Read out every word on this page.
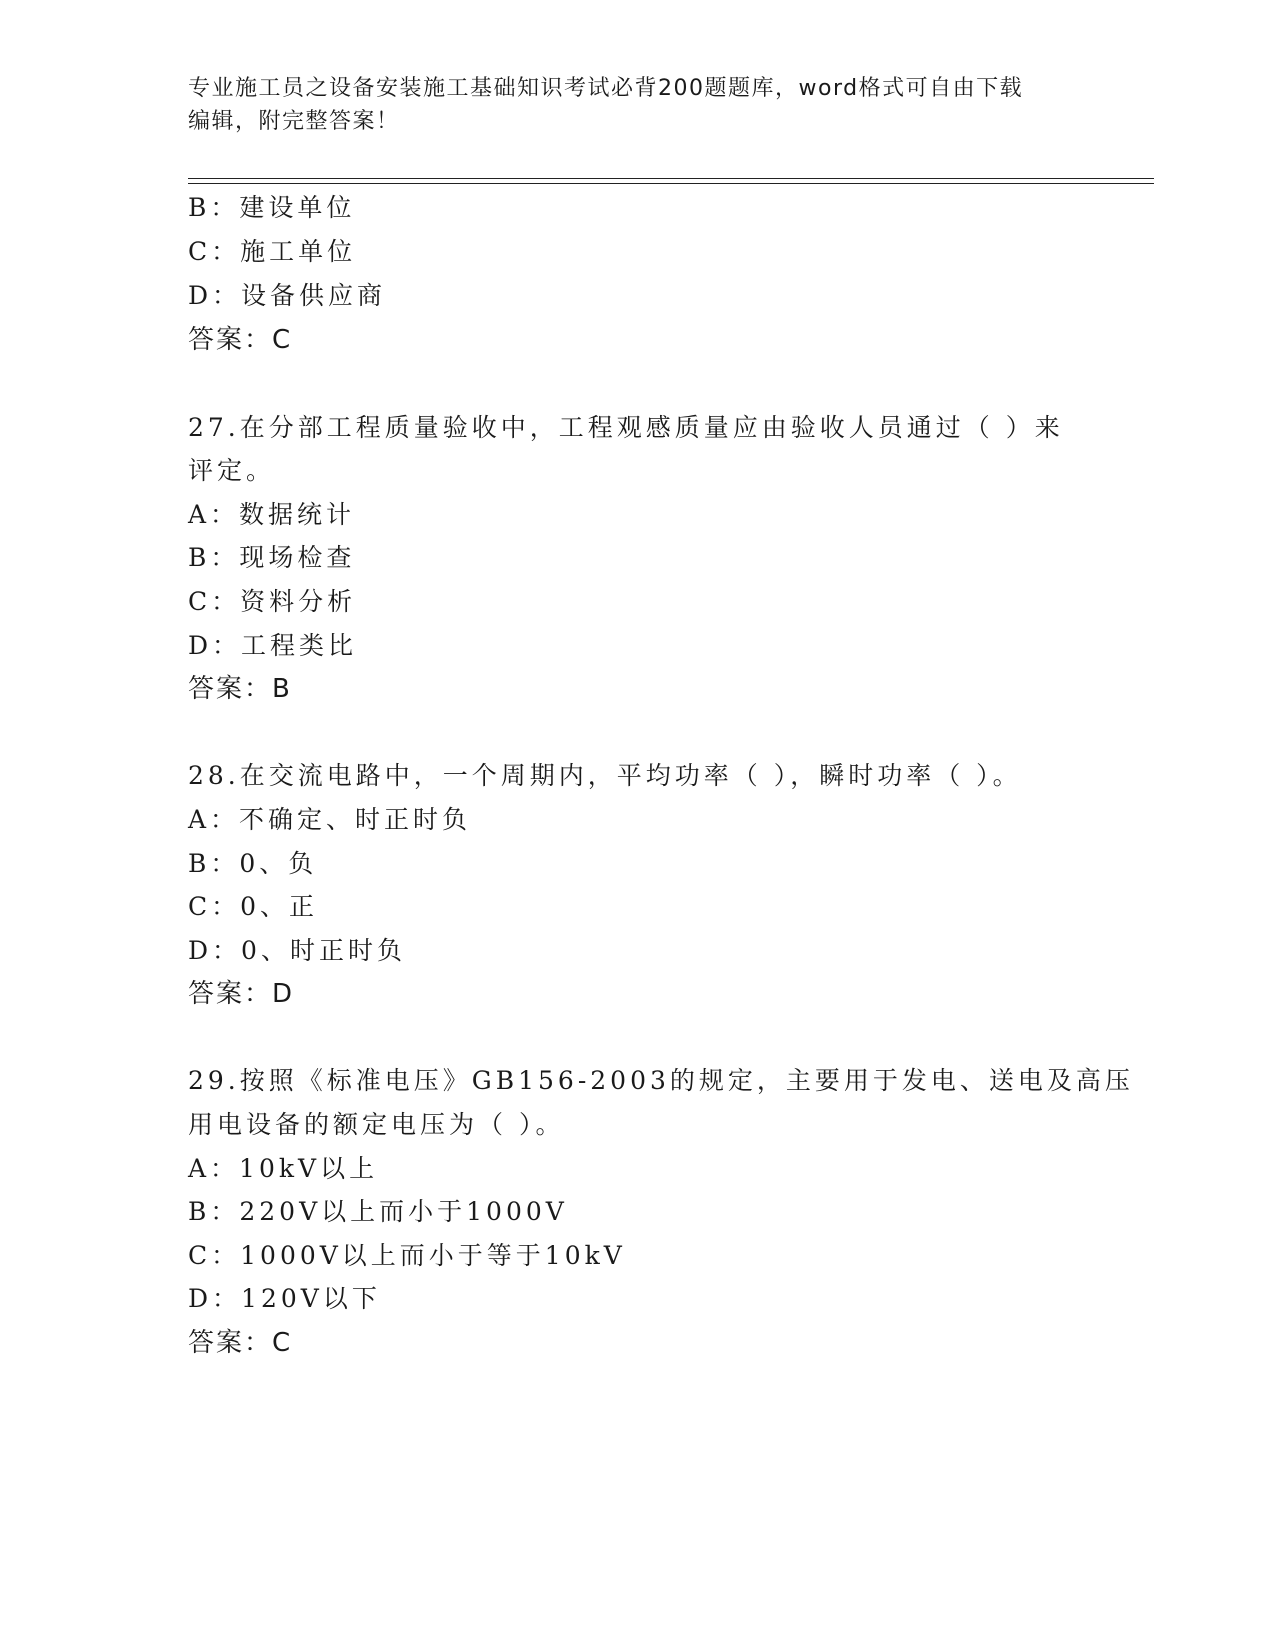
专业施工员之设备安装施工基础知识考试必背200题题库，word格式可自由下载
编辑，附完整答案！
B：建设单位
C：施工单位
D：设备供应商
答案：C
27.在分部工程质量验收中，工程观感质量应由验收人员通过（ ）来
评定。
A：数据统计
B：现场检查
C：资料分析
D：工程类比
答案：B
28.在交流电路中，一个周期内，平均功率（ ），瞬时功率（ ）。
A：不确定、时正时负
B：0、负
C：0、正
D：0、时正时负
答案：D
29.按照《标准电压》GB156-2003的规定，主要用于发电、送电及高压
用电设备的额定电压为（ ）。
A：10kV以上
B：220V以上而小于1000V
C：1000V以上而小于等于10kV
D：120V以下
答案：C
